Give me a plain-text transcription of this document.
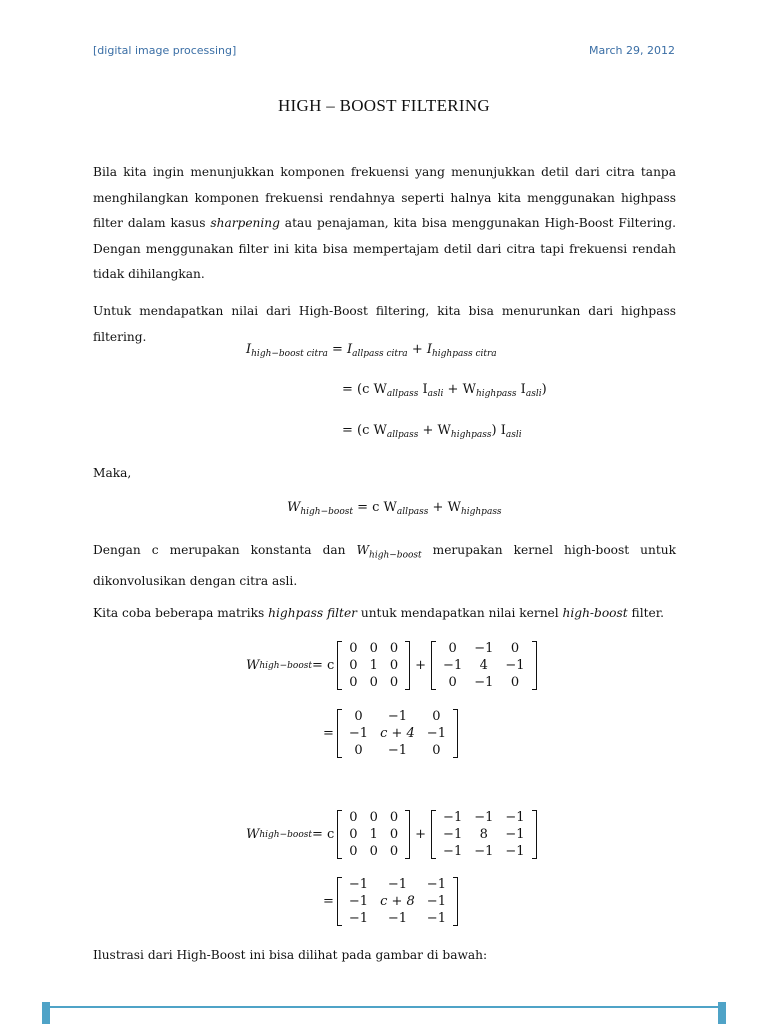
[digital image processing]	March 29, 2012
HIGH – BOOST FILTERING
Bila kita ingin menunjukkan komponen frekuensi yang menunjukkan detil dari citra tanpa menghilangkan komponen frekuensi rendahnya seperti halnya kita menggunakan highpass filter dalam kasus sharpening atau penajaman, kita bisa menggunakan High-Boost Filtering. Dengan menggunakan filter ini kita bisa mempertajam detil dari citra tapi frekuensi rendah tidak dihilangkan.
Untuk mendapatkan nilai dari High-Boost filtering, kita bisa menurunkan dari highpass filtering.
$I_{high-boost citra} = I_{allpass citra} + I_{highpass citra}$
= (c $W_{allpass}$ $I_{asli} + W_{highpass}$ $I_{asli}$)
= (c $W_{allpass} + W_{highpass}$) $I_{asli}$
Maka,
$W_{high-boost} = c$ $W_{allpass} + W_{highpass}$
Dengan c merupakan konstanta dan $W_{high-boost}$ merupakan kernel high-boost untuk dikonvolusikan dengan citra asli.
Kita coba beberapa matriks highpass filter untuk mendapatkan nilai kernel high-boost filter.
W high−boost = c
0 0 0
0 1 0
0 0 0
+
0	−1	0
−1	4	−1
0	−1	0
=
0	−1	0
−1 c + 4 −1
0	−1	0
W high−boost = c
0 0 0
0 1 0
0 0 0
+
−1 −1 −1
−1	8	−1
−1 −1 −1
=
−1	−1	−1
−1 c + 8 −1
−1	−1	−1
Ilustrasi dari High-Boost ini bisa dilihat pada gambar di bawah:
